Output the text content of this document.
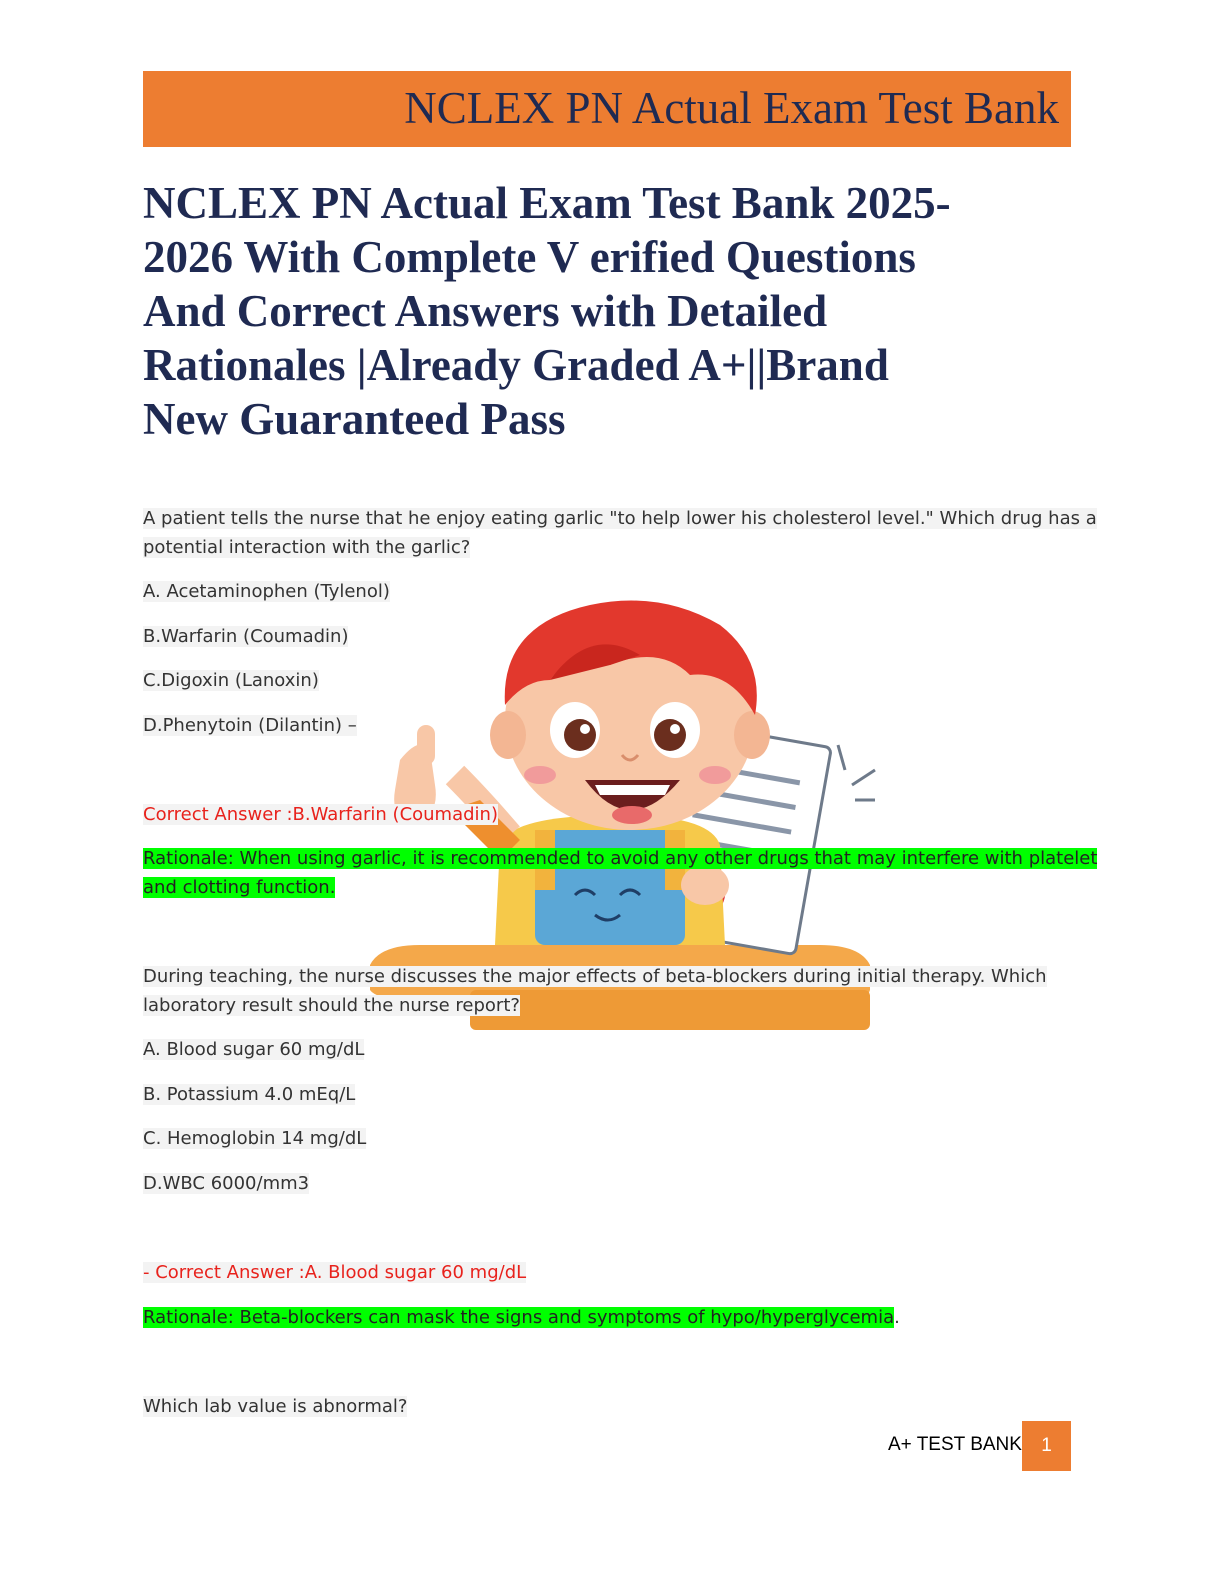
NCLEX PN Actual Exam Test Bank
NCLEX PN Actual Exam Test Bank 2025-
2026 With Complete V erified Questions
And Correct Answers with Detailed
Rationales |Already Graded A+||Brand
New Guaranteed Pass

A patient tells the nurse that he enjoy eating garlic "to help lower his cholesterol level." Which drug has a

potential interaction with the garlic?

A. Acetaminophen (Tylenol)

B.Warfarin (Coumadin)

C.Digoxin (Lanoxin)

D.Phenytoin (Dilantin) –

Correct Answer :B.Warfarin (Coumadin)

Rationale: When using garlic, it is recommended to avoid any other drugs that may interfere with platelet

and clotting function.

During teaching, the nurse discusses the major effects of beta-blockers during initial therapy. Which

laboratory result should the nurse report?

A. Blood sugar 60 mg/dL

B. Potassium 4.0 mEq/L

C. Hemoglobin 14 mg/dL

D.WBC 6000/mm3

- Correct Answer :A. Blood sugar 60 mg/dL

Rationale: Beta-blockers can mask the signs and symptoms of hypo/hyperglycemia.

Which lab value is abnormal?

A+ TEST BANK	1
